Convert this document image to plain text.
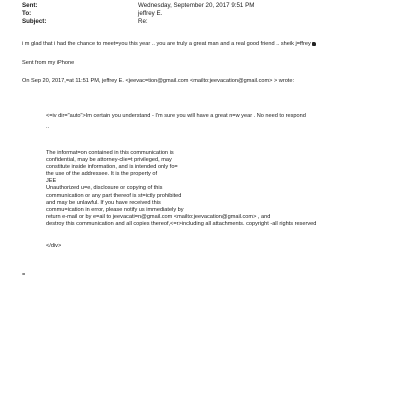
Sent:	Wednesday, September 20, 2017 9:51 PM
To:	jeffrey E.
Subject:	Re:
i m glad that i had the chance to meet=you this year .. you are truly a great man and a real good friend .. sheik j=ffrey
Sent from my iPhone
On Sep 20, 2017,=at 11:51 PM, jeffrey E. <jeevac=tion@gmail.com <mailto:jeevacation@gmail.com> > wrote:
<=iv dir="auto">Im certain you understand - I'm sure you will have a great n=w year . No need to respond
..
The informat=on contained in this communication is
confidential, may be attorney-clie=t privileged, may
constitute inside information, and is intended only fo=
the use of the addressee. It is the property of
JEE
Unauthorized u=e, disclosure or copying of this
communication or any part thereof is st=ictly prohibited
and may be unlawful. If you have received this
commu=ication in error, please notify us immediately by
return e-mail or by e=ail to jeevacati=n@gmail.com <mailto:jeevacation@gmail.com> , and
destroy this communication and all copies thereof,<=r>including all attachments. copyright -all rights reserved
</div>
=
